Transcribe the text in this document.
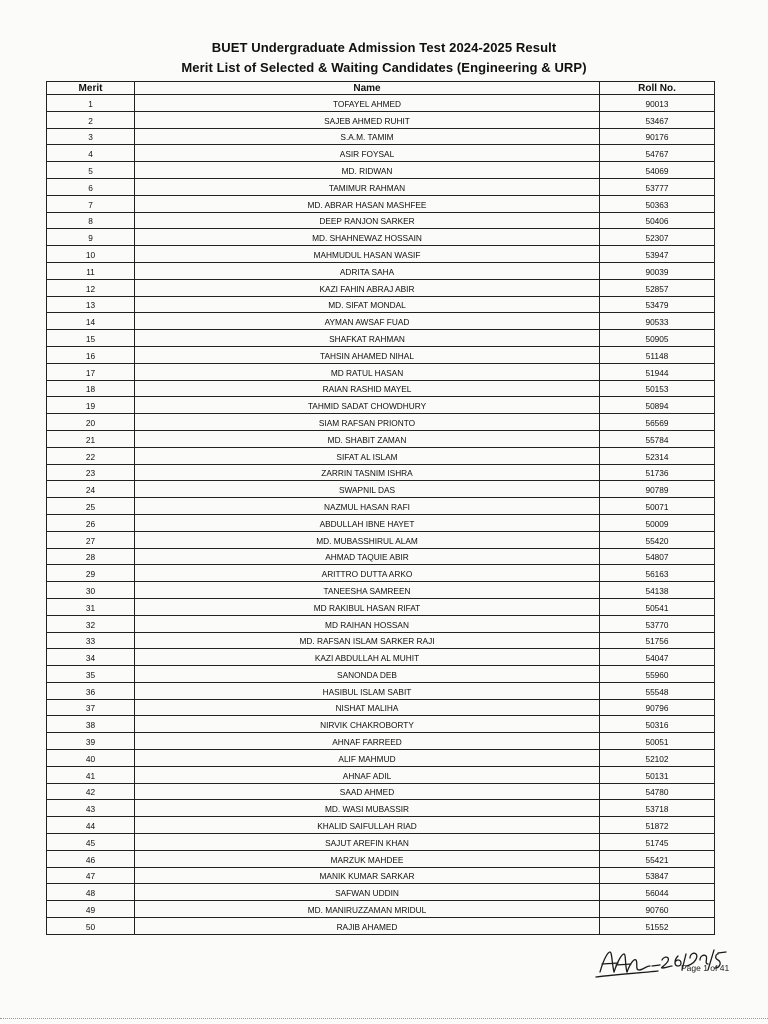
BUET Undergraduate Admission Test 2024-2025 Result
Merit List of Selected & Waiting Candidates (Engineering & URP)
Merit	Name	Roll No.
1	TOFAYEL AHMED	90013
2	SAJEB AHMED RUHIT	53467
3	S.A.M. TAMIM	90176
4	ASIR FOYSAL	54767
5	MD. RIDWAN	54069
6	TAMIMUR RAHMAN	53777
7	MD. ABRAR HASAN MASHFEE	50363
8	DEEP RANJON SARKER	50406
9	MD. SHAHNEWAZ HOSSAIN	52307
10	MAHMUDUL HASAN WASIF	53947
11	ADRITA SAHA	90039
12	KAZI FAHIN ABRAJ ABIR	52857
13	MD. SIFAT MONDAL	53479
14	AYMAN AWSAF FUAD	90533
15	SHAFKAT RAHMAN	50905
16	TAHSIN AHAMED NIHAL	51148
17	MD RATUL HASAN	51944
18	RAIAN RASHID MAYEL	50153
19	TAHMID SADAT CHOWDHURY	50894
20	SIAM RAFSAN PRIONTO	56569
21	MD. SHABIT ZAMAN	55784
22	SIFAT AL ISLAM	52314
23	ZARRIN TASNIM ISHRA	51736
24	SWAPNIL DAS	90789
25	NAZMUL HASAN RAFI	50071
26	ABDULLAH IBNE HAYET	50009
27	MD. MUBASSHIRUL ALAM	55420
28	AHMAD TAQUIE ABIR	54807
29	ARITTRO DUTTA ARKO	56163
30	TANEESHA SAMREEN	54138
31	MD RAKIBUL HASAN RIFAT	50541
32	MD RAIHAN HOSSAN	53770
33	MD. RAFSAN ISLAM SARKER RAJI	51756
34	KAZI ABDULLAH AL MUHIT	54047
35	SANONDA DEB	55960
36	HASIBUL ISLAM SABIT	55548
37	NISHAT MALIHA	90796
38	NIRVIK CHAKROBORTY	50316
39	AHNAF FARREED	50051
40	ALIF MAHMUD	52102
41	AHNAF ADIL	50131
42	SAAD AHMED	54780
43	MD. WASI MUBASSIR	53718
44	KHALID SAIFULLAH RIAD	51872
45	SAJUT AREFIN KHAN	51745
46	MARZUK MAHDEE	55421
47	MANIK KUMAR SARKAR	53847
48	SAFWAN UDDIN	56044
49	MD. MANIRUZZAMAN MRIDUL	90760
50	RAJIB AHAMED	51552
Page 1 of 41
